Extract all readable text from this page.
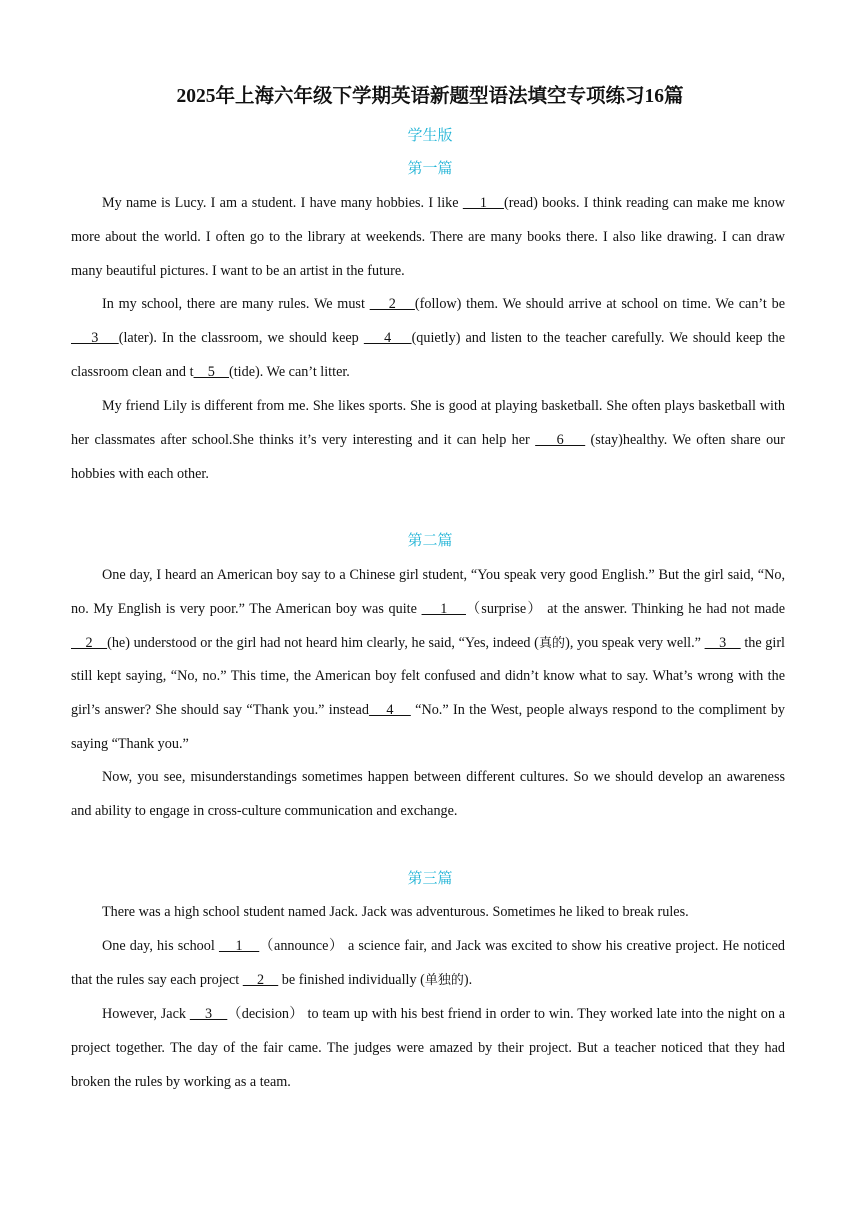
2025年上海六年级下学期英语新题型语法填空专项练习16篇
学生版
第一篇

My name is Lucy. I am a student. I have many hobbies. I like     1    (read) books. I think reading can make me know more about the world. I often go to the library at weekends. There are many books there. I also like drawing. I can draw many beautiful pictures. I want to be an artist in the future.

In my school, there are many rules. We must     2    (follow) them. We should arrive at school on time. We can’t be     3    (later). In the classroom, we should keep     4    (quietly) and listen to the teacher carefully. We should keep the classroom clean and t    5    (tide). We can’t litter.

My friend Lily is different from me. She likes sports. She is good at playing basketball. She often plays basketball with her classmates after school.She thinks it’s very interesting and it can help her     6     (stay)healthy. We often share our hobbies with each other.

第二篇

One day, I heard an American boy say to a Chinese girl student, “You speak very good English.” But the girl said, “No, no. My English is very poor.” The American boy was quite     1    （surprise） at the answer. Thinking he had not made     2    (he) understood or the girl had not heard him clearly, he said, “Yes, indeed (真的), you speak very well.”     3     the girl still kept saying, “No, no.” This time, the American boy felt confused and didn’t know what to say. What’s wrong with the girl’s answer? She should say “Thank you.” instead    4     “No.” In the West, people always respond to the compliment by saying “Thank you.”

Now, you see, misunderstandings sometimes happen between different cultures. So we should develop an awareness and ability to engage in cross-culture communication and exchange.

第三篇

There was a high school student named Jack. Jack was adventurous. Sometimes he liked to break rules.

One day, his school     1    （announce） a science fair, and Jack was excited to show his creative project. He noticed that the rules say each project     2     be finished individually (单独的).

However, Jack     3    （decision） to team up with his best friend in order to win. They worked late into the night on a project together. The day of the fair came. The judges were amazed by their project. But a teacher noticed that they had broken the rules by working as a team.
